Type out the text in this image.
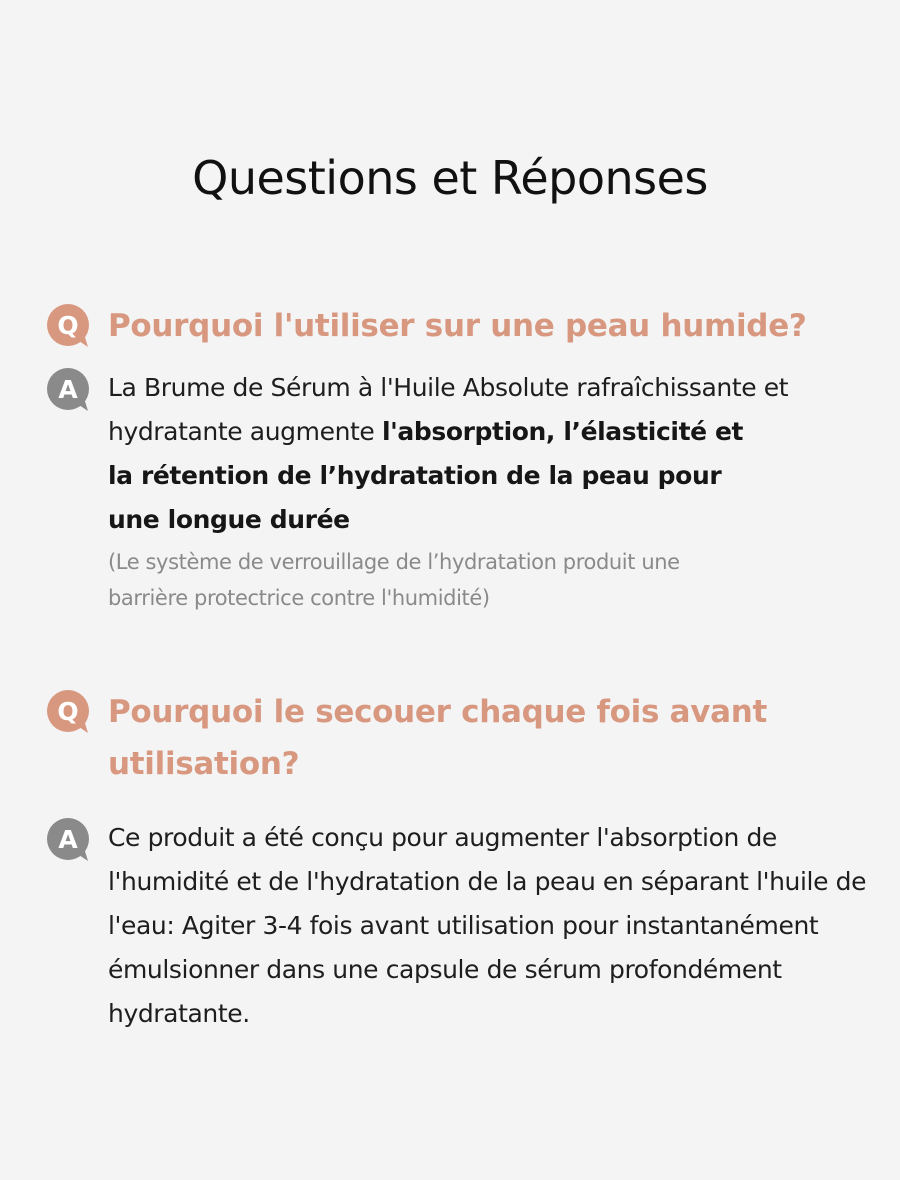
Questions et Réponses
Q Pourquoi l'utiliser sur une peau humide?
A La Brume de Sérum à l'Huile Absolute rafraîchissante et hydratante augmente l'absorption, l’élasticité et
la rétention de l’hydratation de la peau pour
une longue durée
(Le système de verrouillage de l’hydratation produit une
barrière protectrice contre l'humidité)
Q Pourquoi le secouer chaque fois avant utilisation?
A Ce produit a été conçu pour augmenter l'absorption de l'humidité et de l'hydratation de la peau en séparant l'huile de l'eau: Agiter 3-4 fois avant utilisation pour instantanément émulsionner dans une capsule de sérum profondément hydratante.
